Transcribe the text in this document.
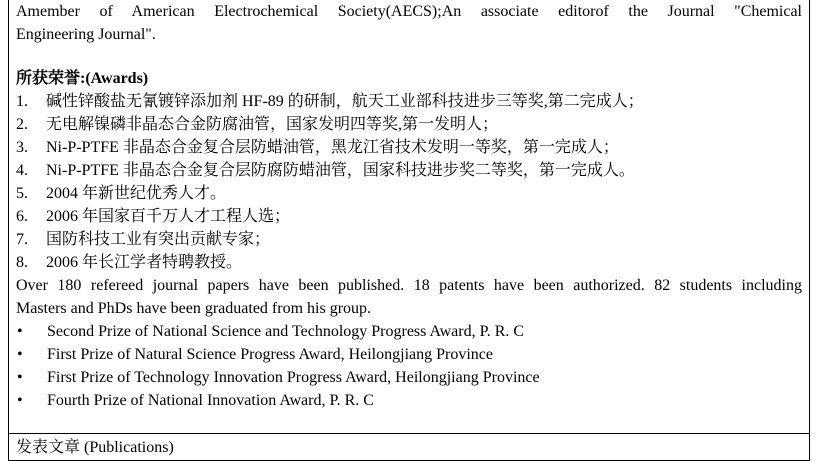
Amember of American Electrochemical Society(AECS);An associate editorof the Journal "Chemical
Engineering Journal".
所获荣誉:(Awards)
1. 碱性锌酸盐无氰镀锌添加剂 HF-89 的研制，航天工业部科技进步三等奖,第二完成人；
2. 无电解镍磷非晶态合金防腐油管，国家发明四等奖,第一发明人；
3. Ni-P-PTFE 非晶态合金复合层防蜡油管，黑龙江省技术发明一等奖，第一完成人；
4. Ni-P-PTFE 非晶态合金复合层防腐防蜡油管，国家科技进步奖二等奖，第一完成人。
5. 2004 年新世纪优秀人才。
6. 2006 年国家百千万人才工程人选；
7. 国防科技工业有突出贡献专家；
8. 2006 年长江学者特聘教授。
Over 180 refereed journal papers have been published. 18 patents have been authorized. 82 students including
Masters and PhDs have been graduated from his group.
• Second Prize of National Science and Technology Progress Award, P. R. C
• First Prize of Natural Science Progress Award, Heilongjiang Province
• First Prize of Technology Innovation Progress Award, Heilongjiang Province
• Fourth Prize of National Innovation Award, P. R. C
发表文章 (Publications)
